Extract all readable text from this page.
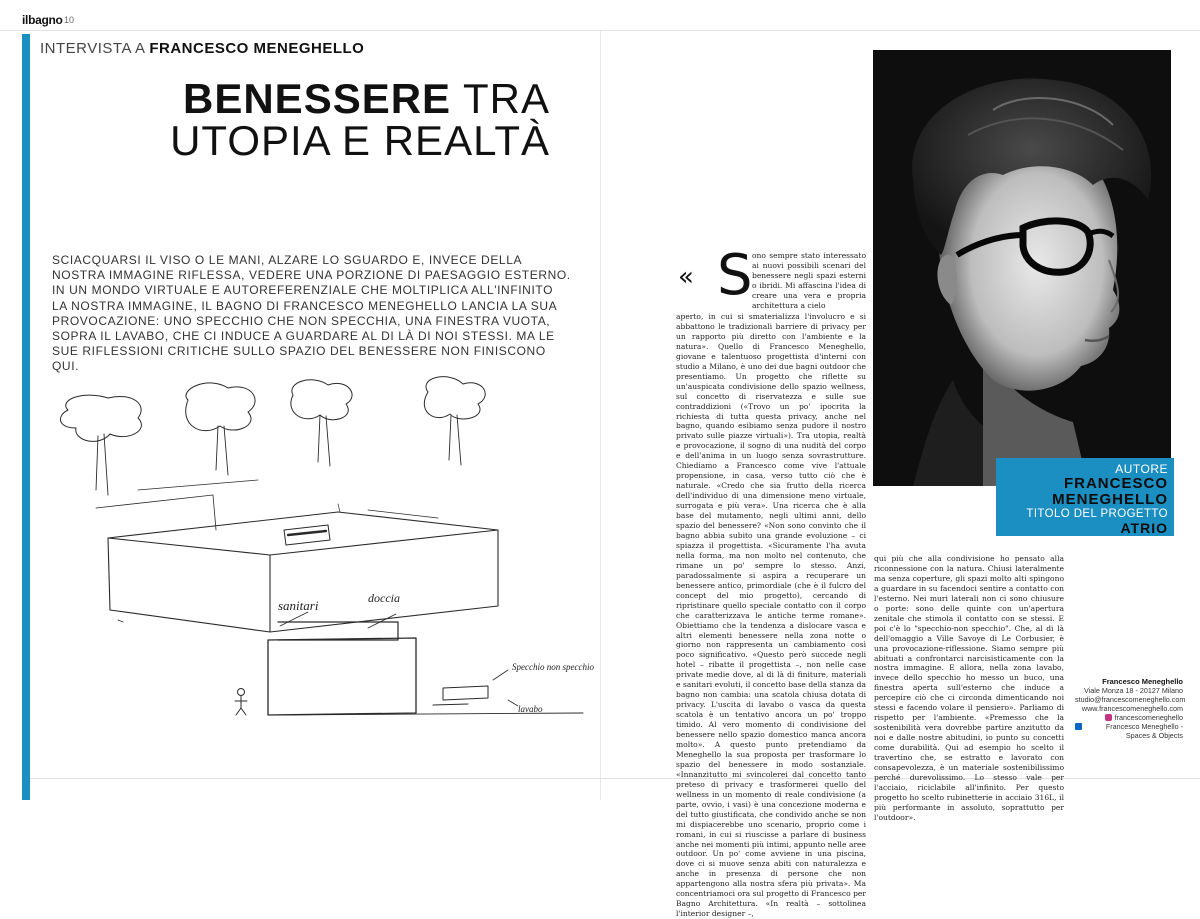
ilbagno 10
INTERVISTA A FRANCESCO MENEGHELLO
BENESSERE TRA
UTOPIA E REALTÀ
SCIACQUARSI IL VISO O LE MANI, ALZARE LO SGUARDO E, INVECE DELLA NOSTRA IMMAGINE RIFLESSA, VEDERE UNA PORZIONE DI PAESAGGIO ESTERNO. IN UN MONDO VIRTUALE E AUTOREFERENZIALE CHE MOLTIPLICA ALL'INFINITO LA NOSTRA IMMAGINE, IL BAGNO DI FRANCESCO MENEGHELLO LANCIA LA SUA PROVOCAZIONE: UNO SPECCHIO CHE NON SPECCHIA, UNA FINESTRA VUOTA, SOPRA IL LAVABO, CHE CI INDUCE A GUARDARE AL DI LÀ DI NOI STESSI. MA LE SUE RIFLESSIONI CRITICHE SULLO SPAZIO DEL BENESSERE NON FINISCONO QUI.
sanitari	doccia
Specchio non specchio
lavabo
AUTORE
FRANCESCO
MENEGHELLO
TITOLO DEL PROGETTO
ATRIO
« S ono sempre stato interessato ai nuovi possibili scenari del benessere negli spazi esterni o ibridi. Mi affascina l'idea di creare una vera e propria architettura a cielo
aperto, in cui si smaterializza l'involucro e si abbattono le tradizionali barriere di privacy per un rapporto più diretto con l'ambiente e la natura». Quello di Francesco Meneghello, giovane e talentuoso progettista d'interni con studio a Milano, è uno dei due bagni outdoor che presentiamo. Un progetto che riflette su un'auspicata condivisione dello spazio wellness, sul concetto di riservatezza e sulle sue contraddizioni («Trovo un po' ipocrita la richiesta di tutta questa privacy, anche nel bagno, quando esibiamo senza pudore il nostro privato sulle piazze virtuali»). Tra utopia, realtà e provocazione, il sogno di una nudità del corpo e dell'anima in un luogo senza sovrastrutture. Chiediamo a Francesco come vive l'attuale propensione, in casa, verso tutto ciò che è naturale. «Credo che sia frutto della ricerca dell'individuo di una dimensione meno virtuale, surrogata e più vera». Una ricerca che è alla base del mutamento, negli ultimi anni, dello spazio del benessere? «Non sono convinto che il bagno abbia subito una grande evoluzione – ci spiazza il progettista. «Sicuramente l'ha avuta nella forma, ma non molto nel contenuto, che rimane un po' sempre lo stesso. Anzi, paradossalmente si aspira a recuperare un benessere antico, primordiale (che è il fulcro del concept del mio progetto), cercando di ripristinare quello speciale contatto con il corpo che caratterizzava le antiche terme romane». Obiettiamo che la tendenza a dislocare vasca e altri elementi benessere nella zona notte o giorno non rappresenta un cambiamento così poco significativo. «Questo però succede negli hotel – ribatte il progettista –, non nelle case private medie dove, al di là di finiture, materiali e sanitari evoluti, il concetto base della stanza da bagno non cambia: una scatola chiusa dotata di privacy. L'uscita di lavabo o vasca da questa scatola è un tentativo ancora un po' troppo timido. Al vero momento di condivisione del benessere nello spazio domestico manca ancora molto». A questo punto pretendiamo da Meneghello la sua proposta per trasformare lo spazio del benessere in modo sostanziale. «Innanzitutto mi svincolerei dal concetto tanto preteso di privacy e trasformerei quello del wellness in un momento di reale condivisione (a parte, ovvio, i vasi) è una concezione moderna e del tutto giustificata, che condivido anche se non mi dispiacerebbe uno scenario, proprio come i romani, in cui si riuscisse a parlare di business anche nei momenti più intimi, appunto nelle aree outdoor. Un po' come avviene in una piscina, dove ci si muove senza abiti con naturalezza e anche in presenza di persone che non appartengono alla nostra sfera più privata». Ma concentriamoci ora sul progetto di Francesco per Bagno Architettura. «In realtà – sottolinea l'interior designer –,
qui più che alla condivisione ho pensato alla riconnessione con la natura. Chiusi lateralmente ma senza coperture, gli spazi molto alti spingono a guardare in su facendoci sentire a contatto con l'esterno. Nei muri laterali non ci sono chiusure o porte: sono delle quinte con un'apertura zenitale che stimola il contatto con se stessi. E poi c'è lo "specchio-non specchio". Che, al di là dell'omaggio a Ville Savoye di Le Corbusier, è una provocazione-riflessione. Siamo sempre più abituati a confrontarci narcisisticamente con la nostra immagine. E allora, nella zona lavabo, invece dello specchio ho messo un buco, una finestra aperta sull'esterno che induce a percepire ciò che ci circonda dimenticando noi stessi e facendo volare il pensiero». Parliamo di rispetto per l'ambiente. «Premesso che la sostenibilità vera dovrebbe partire anzitutto da noi e dalle nostre abitudini, io punto su concetti come durabilità. Qui ad esempio ho scelto il travertino che, se estratto e lavorato con consapevolezza, è un materiale sostenibilissimo perché durevolissimo. Lo stesso vale per l'acciaio, riciclabile all'infinito. Per questo progetto ho scelto rubinetterie in acciaio 316L, il più performante in assoluto, soprattutto per l'outdoor».
Francesco Meneghello
Viale Monza 18 - 20127 Milano
studio@francescomeneghello.com
www.francescomeneghello.com
francescomeneghello
Francesco Meneghello - Spaces & Objects
